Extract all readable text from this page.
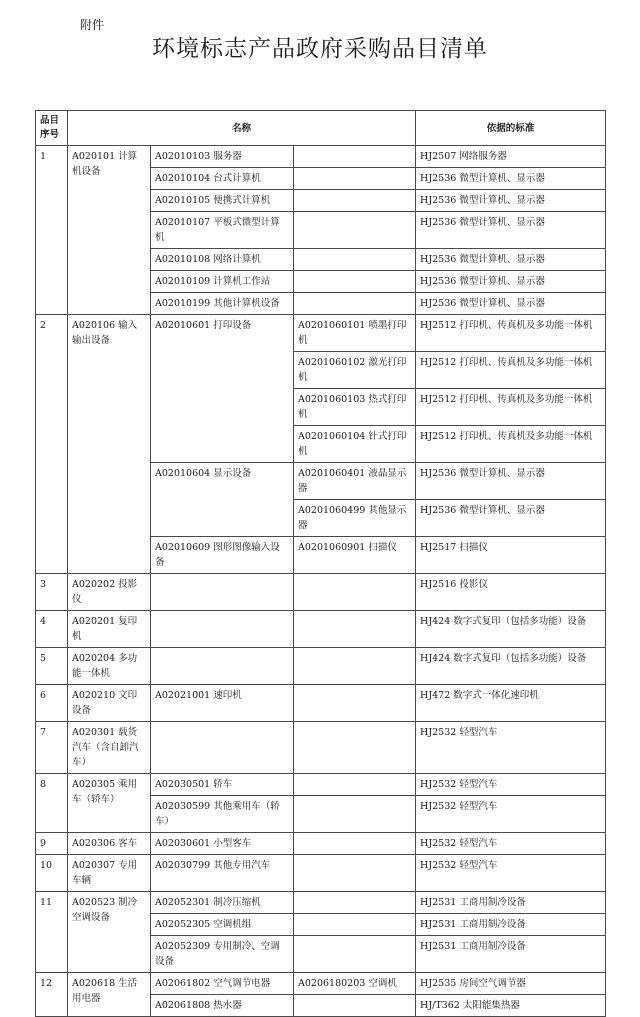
附件
环境标志产品政府采购品目清单
品目序号	名称			依据的标准
1	A020101 计算机设备	A02010103 服务器		HJ2507 网络服务器
		A02010104 台式计算机		HJ2536 微型计算机、显示器
		A02010105 便携式计算机		HJ2536 微型计算机、显示器
		A02010107 平板式微型计算机		HJ2536 微型计算机、显示器
		A02010108 网络计算机		HJ2536 微型计算机、显示器
		A02010109 计算机工作站		HJ2536 微型计算机、显示器
		A02010199 其他计算机设备		HJ2536 微型计算机、显示器
2	A020106 输入输出设备	A02010601 打印设备	A0201060101 喷墨打印机	HJ2512 打印机、传真机及多功能一体机
			A0201060102 激光打印机	HJ2512 打印机、传真机及多功能一体机
			A0201060103 热式打印机	HJ2512 打印机、传真机及多功能一体机
			A0201060104 针式打印机	HJ2512 打印机、传真机及多功能一体机
		A02010604 显示设备	A0201060401 液晶显示器	HJ2536 微型计算机、显示器
			A0201060499 其他显示器	HJ2536 微型计算机、显示器
		A02010609 图形图像输入设备	A0201060901 扫描仪	HJ2517 扫描仪
3	A020202 投影仪			HJ2516 投影仪
4	A020201 复印机			HJ424 数字式复印（包括多功能）设备
5	A020204 多功能一体机			HJ424 数字式复印（包括多功能）设备
6	A020210 文印设备	A02021001 速印机		HJ472 数字式一体化速印机
7	A020301 载货汽车（含自卸汽车）			HJ2532 轻型汽车
8	A020305 乘用车（轿车）	A02030501 轿车		HJ2532 轻型汽车
		A02030599 其他乘用车（轿车）		HJ2532 轻型汽车
9	A020306 客车	A02030601 小型客车		HJ2532 轻型汽车
10	A020307 专用车辆	A02030799 其他专用汽车		HJ2532 轻型汽车
11	A020523 制冷空调设备	A02052301 制冷压缩机		HJ2531 工商用制冷设备
		A02052305 空调机组		HJ2531 工商用制冷设备
		A02052309 专用制冷、空调设备		HJ2531 工商用制冷设备
12	A020618 生活用电器	A02061802 空气调节电器	A0206180203 空调机	HJ2535 房间空气调节器
		A02061808 热水器		HJ/T362 太阳能集热器
